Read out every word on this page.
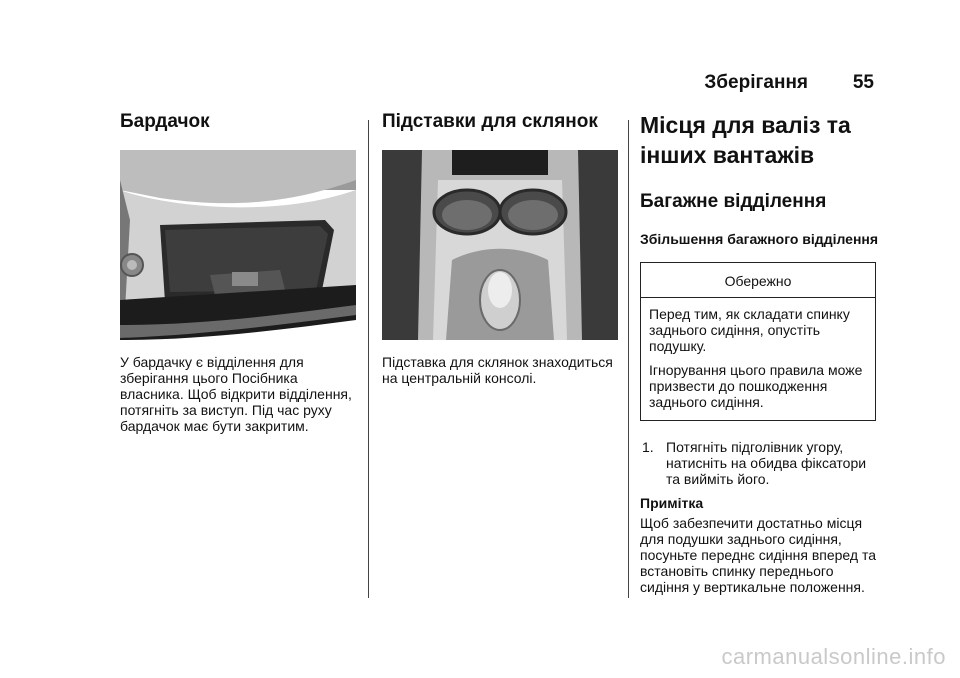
Зберігання 55
Бардачок

У бардачку є відділення для зберігання цього Посібника власника. Щоб відкрити відділення, потягніть за виступ. Під час руху бардачок має бути закритим.

Підставки для склянок

Підставка для склянок знаходиться на центральній консолі.

Місця для валіз та інших вантажів
Багажне відділення
Збільшення багажного відділення
Обережно

Перед тим, як складати спинку заднього сидіння, опустіть подушку.

Ігнорування цього правила може призвести до пошкодження заднього сидіння.

1. Потягніть підголівник угору, натисніть на обидва фіксатори та вийміть його.
Примітка

Щоб забезпечити достатньо місця для подушки заднього сидіння, посуньте переднє сидіння вперед та встановіть спинку переднього сидіння у вертикальне положення.

carmanualsonline.info
